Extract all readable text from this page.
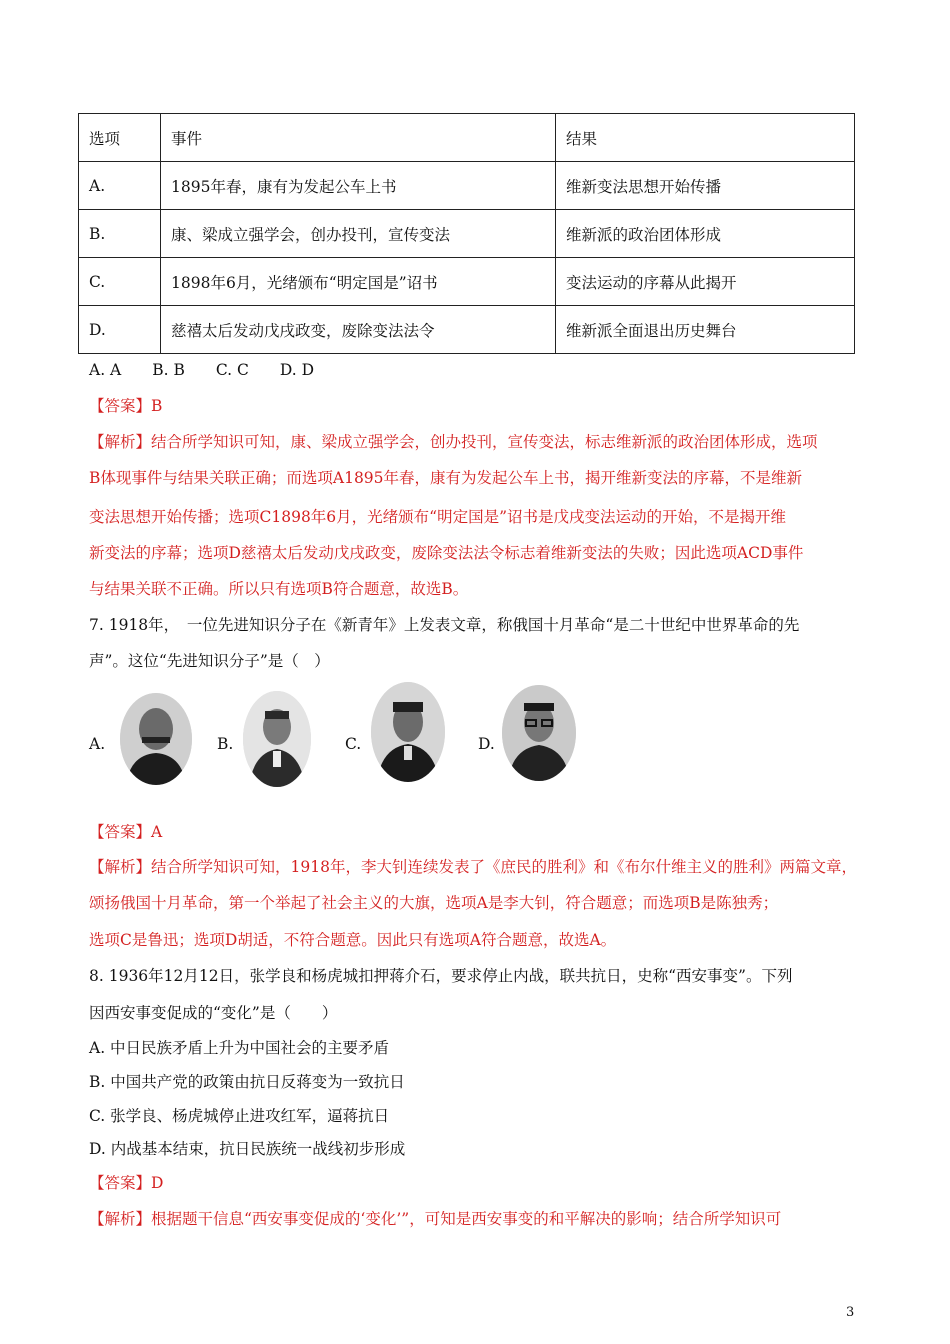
选项	事件	结果
A.	1895年春，康有为发起公车上书	维新变法思想开始传播
B.	康、梁成立强学会，创办投刊，宣传变法	维新派的政治团体形成
C.	1898年6月，光绪颁布“明定国是”诏书	变法运动的序幕从此揭开
D.	慈禧太后发动戊戌政变，废除变法法令	维新派全面退出历史舞台
A. A　　B. B　　C. C　　D. D
【答案】B
【解析】结合所学知识可知，康、梁成立强学会，创办投刊，宣传变法，标志维新派的政治团体形成，选项
B体现事件与结果关联正确；而选项A1895年春，康有为发起公车上书，揭开维新变法的序幕，不是维新
变法思想开始传播；选项C1898年6月，光绪颁布“明定国是”诏书是戊戌变法运动的开始，不是揭开维
新变法的序幕；选项D慈禧太后发动戊戌政变，废除变法法令标志着维新变法的失败；因此选项ACD事件
与结果关联不正确。所以只有选项B符合题意，故选B。
7. 1918年，　一位先进知识分子在《新青年》上发表文章，称俄国十月革命“是二十世纪中世界革命的先
声”。这位“先进知识分子”是（　）
A.	B.	C.	D.
【答案】A
【解析】结合所学知识可知，1918年，李大钊连续发表了《庶民的胜利》和《布尔什维主义的胜利》两篇文章，
颂扬俄国十月革命，第一个举起了社会主义的大旗，选项A是李大钊，符合题意；而选项B是陈独秀；
选项C是鲁迅；选项D胡适，不符合题意。因此只有选项A符合题意，故选A。
8. 1936年12月12日，张学良和杨虎城扣押蒋介石，要求停止内战，联共抗日，史称“西安事变”。下列
因西安事变促成的“变化”是（　　）
A. 中日民族矛盾上升为中国社会的主要矛盾
B. 中国共产党的政策由抗日反蒋变为一致抗日
C. 张学良、杨虎城停止进攻红军，逼蒋抗日
D. 内战基本结束，抗日民族统一战线初步形成
【答案】D
【解析】根据题干信息“西安事变促成的‘变化’”，可知是西安事变的和平解决的影响；结合所学知识可
3
